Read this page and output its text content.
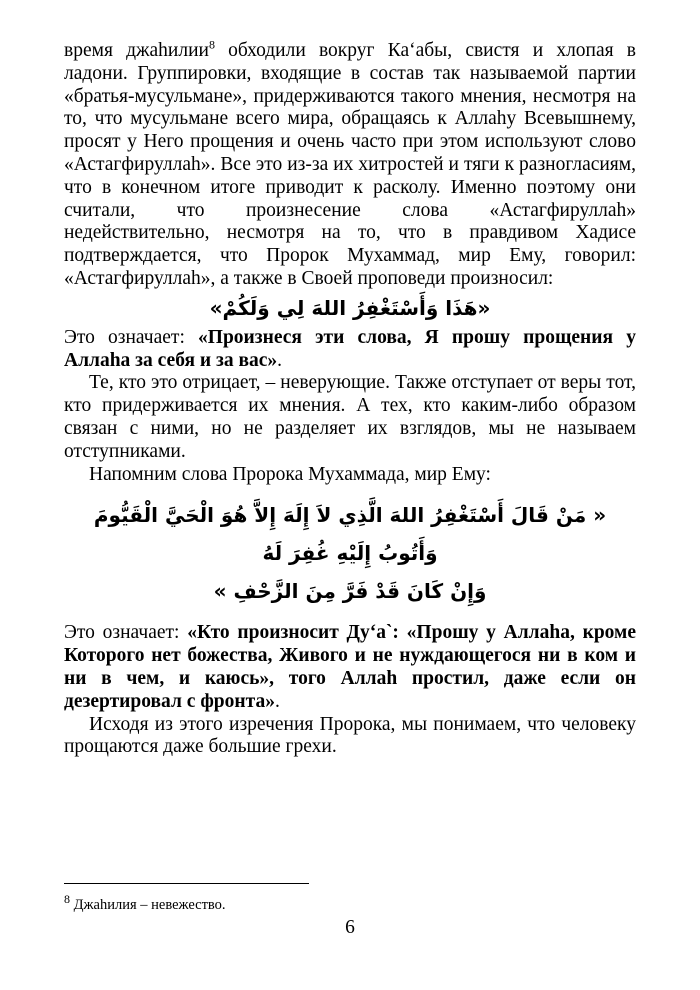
время джаhилии$^8$ обходили вокруг Ка‘абы, свистя и хлопая в ладони. Группировки, входящие в состав так называемой партии «братья-мусульмане», придерживаются такого мнения, несмотря на то, что мусульмане всего мира, обращаясь к Аллаhу Всевышнему, просят у Него прощения и очень часто при этом используют слово «Астагфируллаh». Все это из-за их хитростей и тяги к разногласиям, что в конечном итоге приводит к расколу. Именно поэтому они считали, что произнесение слова «Астагфируллаh» недействительно, несмотря на то, что в правдивом Хадисе подтверждается, что Пророк Мухаммад, мир Ему, говорил: «Астагфируллаh», а также в Своей проповеди произносил:

«هَذَا وَأَسْتَغْفِرُ اللهَ لِي وَلَكُمْ»

Это означает: «Произнеся эти слова, Я прошу прощения у Аллаhа за себя и за вас».

Те, кто это отрицает, – неверующие. Также отступает от веры тот, кто придерживается их мнения. А тех, кто каким-либо образом связан с ними, но не разделяет их взглядов, мы не называем отступниками.

Напомним слова Пророка Мухаммада, мир Ему:

« مَنْ قَالَ أَسْتَغْفِرُ اللهَ الَّذِي لاَ إِلَهَ إِلاَّ هُوَ الْحَيَّ الْقَيُّومَ وَأَتُوبُ إِلَيْهِ غُفِرَ لَهُ
وَإِنْ كَانَ قَدْ فَرَّ مِنَ الزَّحْفِ »

Это означает: «Кто произносит Ду‘а`: «Прошу у Аллаhа, кроме Которого нет божества, Живого и не нуждающегося ни в ком и ни в чем, и каюсь», того Аллаh простил, даже если он дезертировал с фронта».

Исходя из этого изречения Пророка, мы понимаем, что человеку прощаются даже большие грехи.

$^8$ Джаhилия – невежество.
6
